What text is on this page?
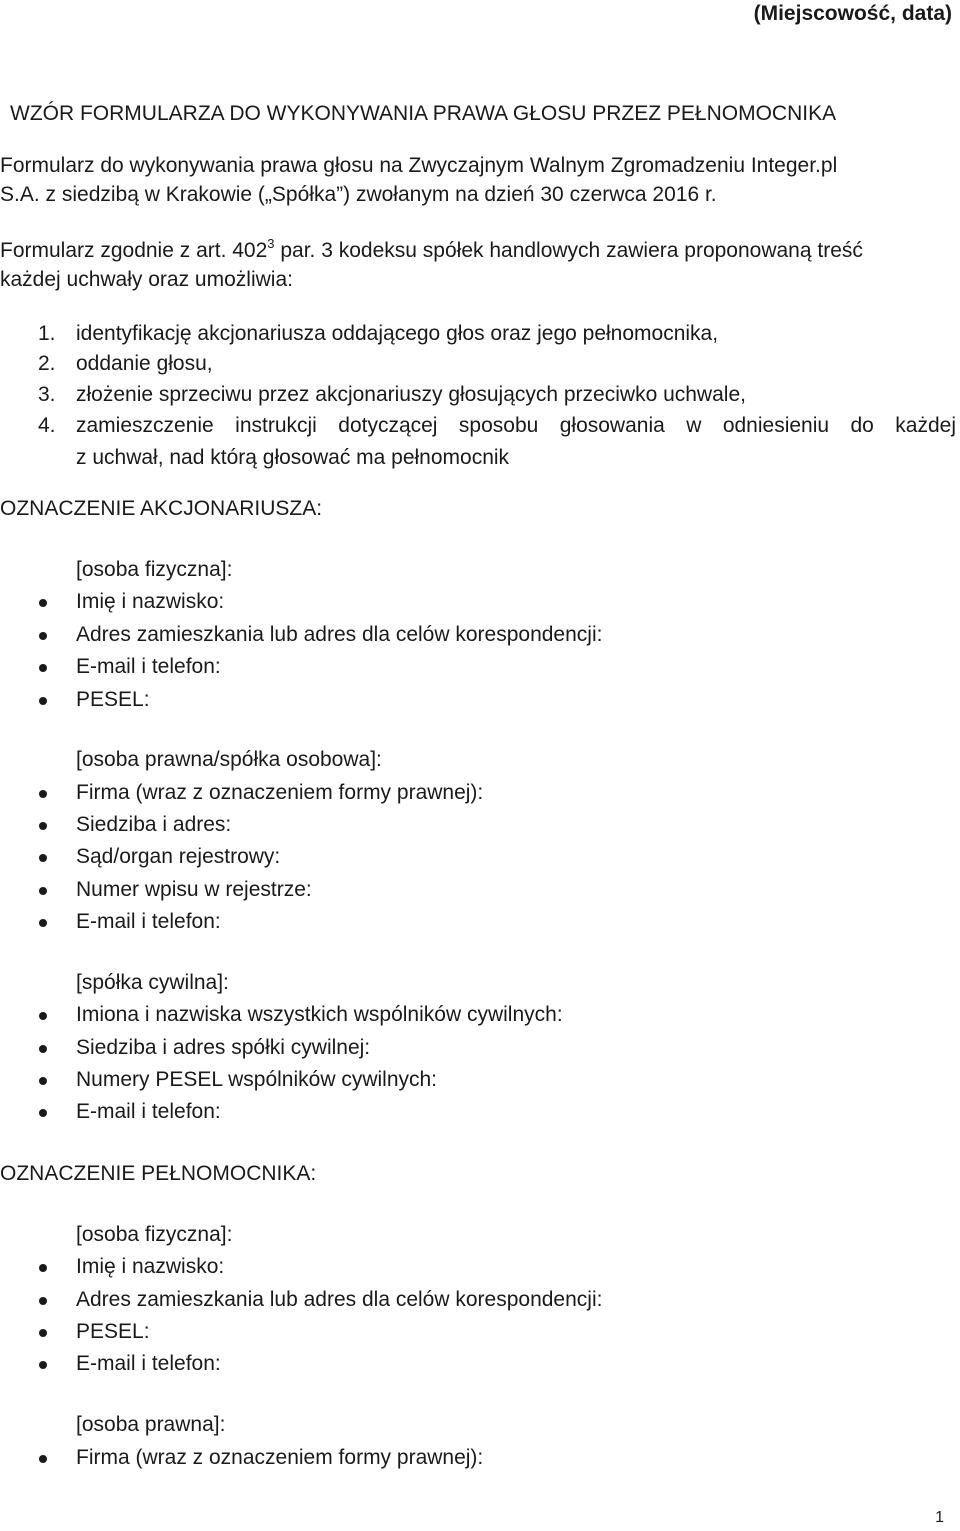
(Miejscowość, data)
WZÓR FORMULARZA DO WYKONYWANIA PRAWA GŁOSU PRZEZ PEŁNOMOCNIKA
Formularz do wykonywania prawa głosu na Zwyczajnym Walnym Zgromadzeniu Integer.pl
S.A. z siedzibą w Krakowie („Spółka”) zwołanym na dzień 30 czerwca 2016 r.
Formularz zgodnie z art. $402^3$ par. 3 kodeksu spółek handlowych zawiera proponowaną treść
każdej uchwały oraz umożliwia:
1. identyfikację akcjonariusza oddającego głos oraz jego pełnomocnika,
2. oddanie głosu,
3. złożenie sprzeciwu przez akcjonariuszy głosujących przeciwko uchwale,
4. zamieszczenie instrukcji dotyczącej sposobu głosowania w odniesieniu do każdej
z uchwał, nad którą głosować ma pełnomocnik
OZNACZENIE AKCJONARIUSZA:
[osoba fizyczna]:
Imię i nazwisko:
Adres zamieszkania lub adres dla celów korespondencji:
E-mail i telefon:
PESEL:
[osoba prawna/spółka osobowa]:
Firma (wraz z oznaczeniem formy prawnej):
Siedziba i adres:
Sąd/organ rejestrowy:
Numer wpisu w rejestrze:
E-mail i telefon:
[spółka cywilna]:
Imiona i nazwiska wszystkich wspólników cywilnych:
Siedziba i adres spółki cywilnej:
Numery PESEL wspólników cywilnych:
E-mail i telefon:
OZNACZENIE PEŁNOMOCNIKA:
[osoba fizyczna]:
Imię i nazwisko:
Adres zamieszkania lub adres dla celów korespondencji:
PESEL:
E-mail i telefon:
[osoba prawna]:
Firma (wraz z oznaczeniem formy prawnej):
1
